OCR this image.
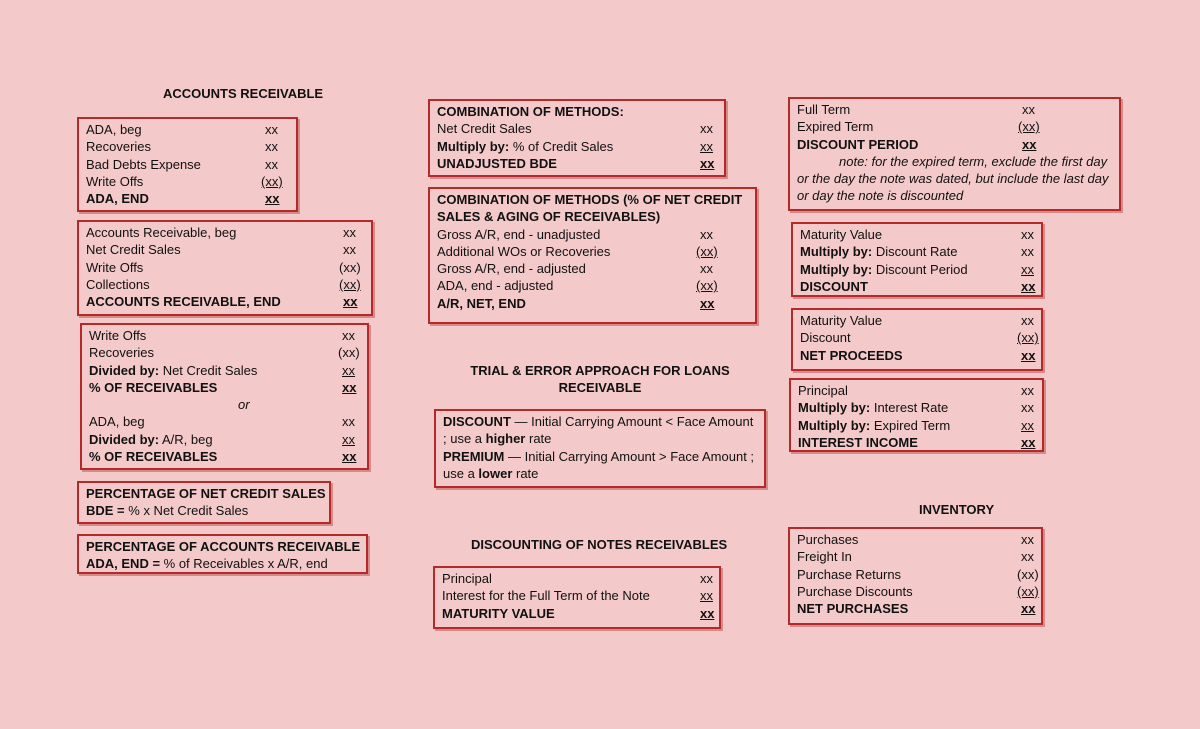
ACCOUNTS RECEIVABLE
ADA, beg	xx
Recoveries	xx
Bad Debts Expense	xx
Write Offs	(xx)
ADA, END	xx
Accounts Receivable, beg	xx
Net Credit Sales	xx
Write Offs	(xx)
Collections	(xx)
ACCOUNTS RECEIVABLE, END	xx
Write Offs	xx
Recoveries	(xx)
Divided by: Net Credit Sales	xx
% OF RECEIVABLES	xx
or
ADA, beg	xx
Divided by: A/R, beg	xx
% OF RECEIVABLES	xx
PERCENTAGE OF NET CREDIT SALES
BDE = % x Net Credit Sales
PERCENTAGE OF ACCOUNTS RECEIVABLE
ADA, END = % of Receivables x A/R, end
COMBINATION OF METHODS:
Net Credit Sales	xx
Multiply by: % of Credit Sales	xx
UNADJUSTED BDE	xx
COMBINATION OF METHODS (% OF NET CREDIT
SALES & AGING OF RECEIVABLES)
Gross A/R, end - unadjusted	xx
Additional WOs or Recoveries	(xx)
Gross A/R, end - adjusted	xx
ADA, end - adjusted	(xx)
A/R, NET, END	xx
TRIAL & ERROR APPROACH FOR LOANS RECEIVABLE
DISCOUNT — Initial Carrying Amount < Face Amount ; use a higher rate
PREMIUM — Initial Carrying Amount > Face Amount ; use a lower rate
DISCOUNTING OF NOTES RECEIVABLES
Principal	xx
Interest for the Full Term of the Note	xx
MATURITY VALUE	xx
Full Term	xx
Expired Term	(xx)
DISCOUNT PERIOD	xx
note: for the expired term, exclude the first day or the day the note was dated, but include the last day or day the note is discounted
Maturity Value	xx
Multiply by: Discount Rate	xx
Multiply by: Discount Period	xx
DISCOUNT	xx
Maturity Value	xx
Discount	(xx)
NET PROCEEDS	xx
Principal	xx
Multiply by: Interest Rate	xx
Multiply by: Expired Term	xx
INTEREST INCOME	xx
INVENTORY
Purchases	xx
Freight In	xx
Purchase Returns	(xx)
Purchase Discounts	(xx)
NET PURCHASES	xx
